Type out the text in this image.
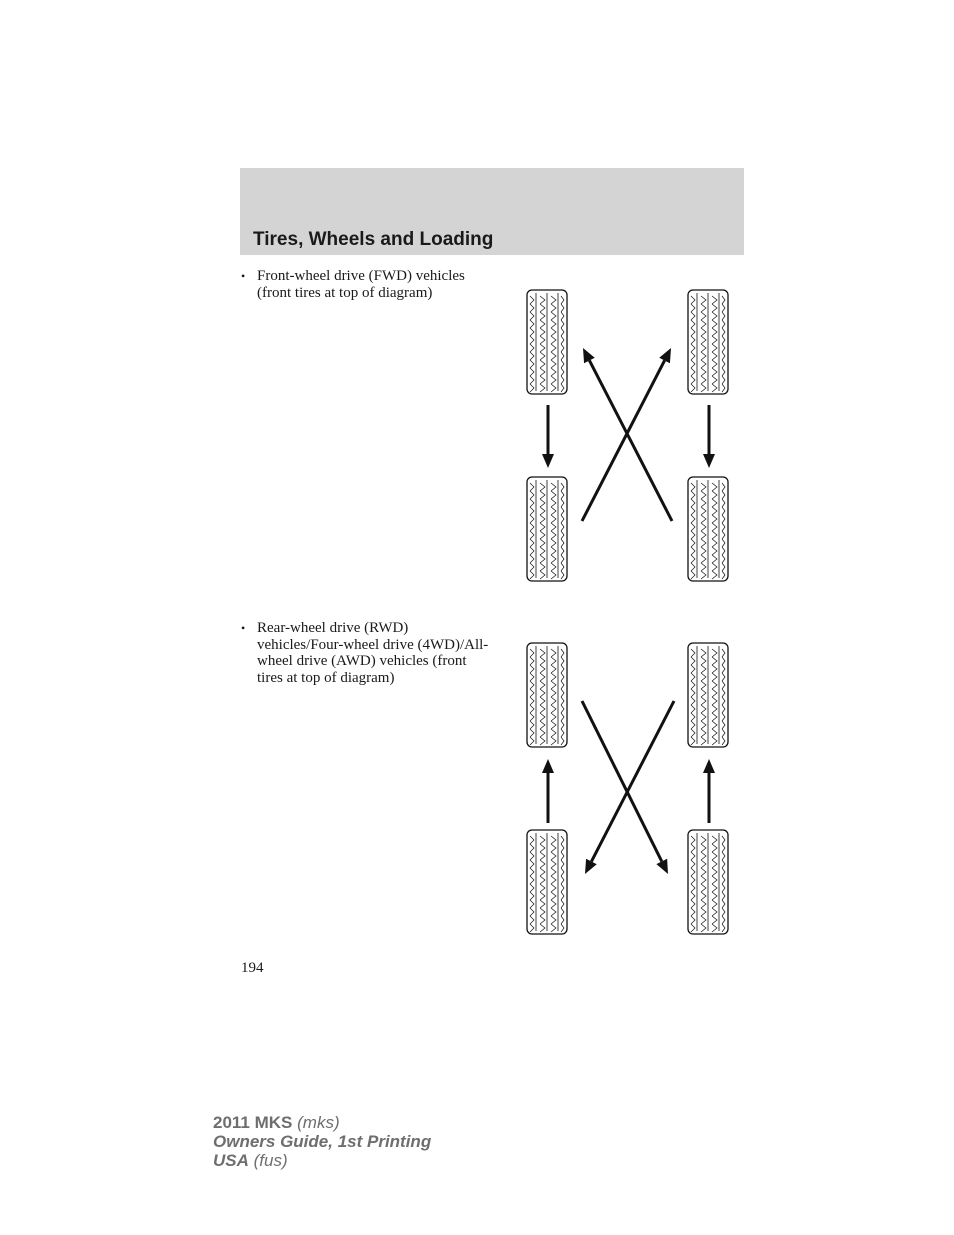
Tires, Wheels and Loading
• Front-wheel drive (FWD) vehicles (front tires at top of diagram)
• Rear-wheel drive (RWD) vehicles/Four-wheel drive (4WD)/All-wheel drive (AWD) vehicles (front tires at top of diagram)
194
2011 MKS (mks)
Owners Guide, 1st Printing
USA (fus)
